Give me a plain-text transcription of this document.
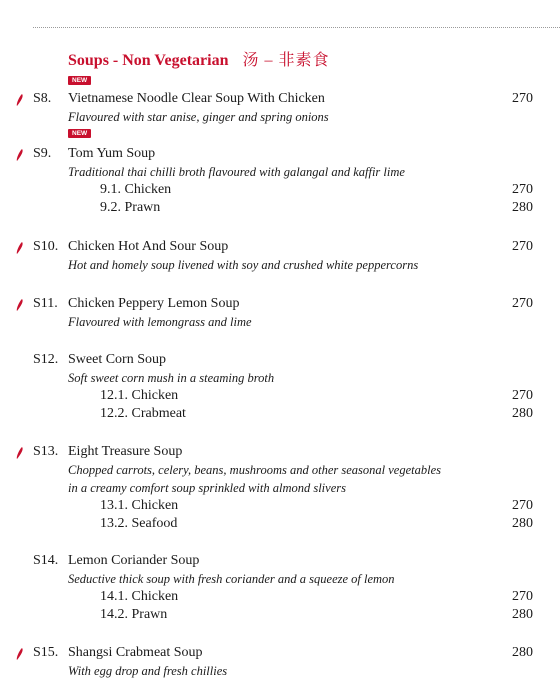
Soups - Non Vegetarian 汤 – 非素食
NEW
S8. Vietnamese Noodle Clear Soup With Chicken	270
Flavoured with star anise, ginger and spring onions
NEW
S9. Tom Yum Soup
Traditional thai chilli broth flavoured with galangal and kaffir lime
9.1. Chicken	270
9.2. Prawn	280
S10. Chicken Hot And Sour Soup	270
Hot and homely soup livened with soy and crushed white peppercorns
S11. Chicken Peppery Lemon Soup	270
Flavoured with lemongrass and lime
S12. Sweet Corn Soup
Soft sweet corn mush in a steaming broth
12.1. Chicken	270
12.2. Crabmeat	280
S13. Eight Treasure Soup
Chopped carrots, celery, beans, mushrooms and other seasonal vegetables
in a creamy comfort soup sprinkled with almond slivers
13.1. Chicken	270
13.2. Seafood	280
S14. Lemon Coriander Soup
Seductive thick soup with fresh coriander and a squeeze of lemon
14.1. Chicken	270
14.2. Prawn	280
S15. Shangsi Crabmeat Soup	280
With egg drop and fresh chillies
